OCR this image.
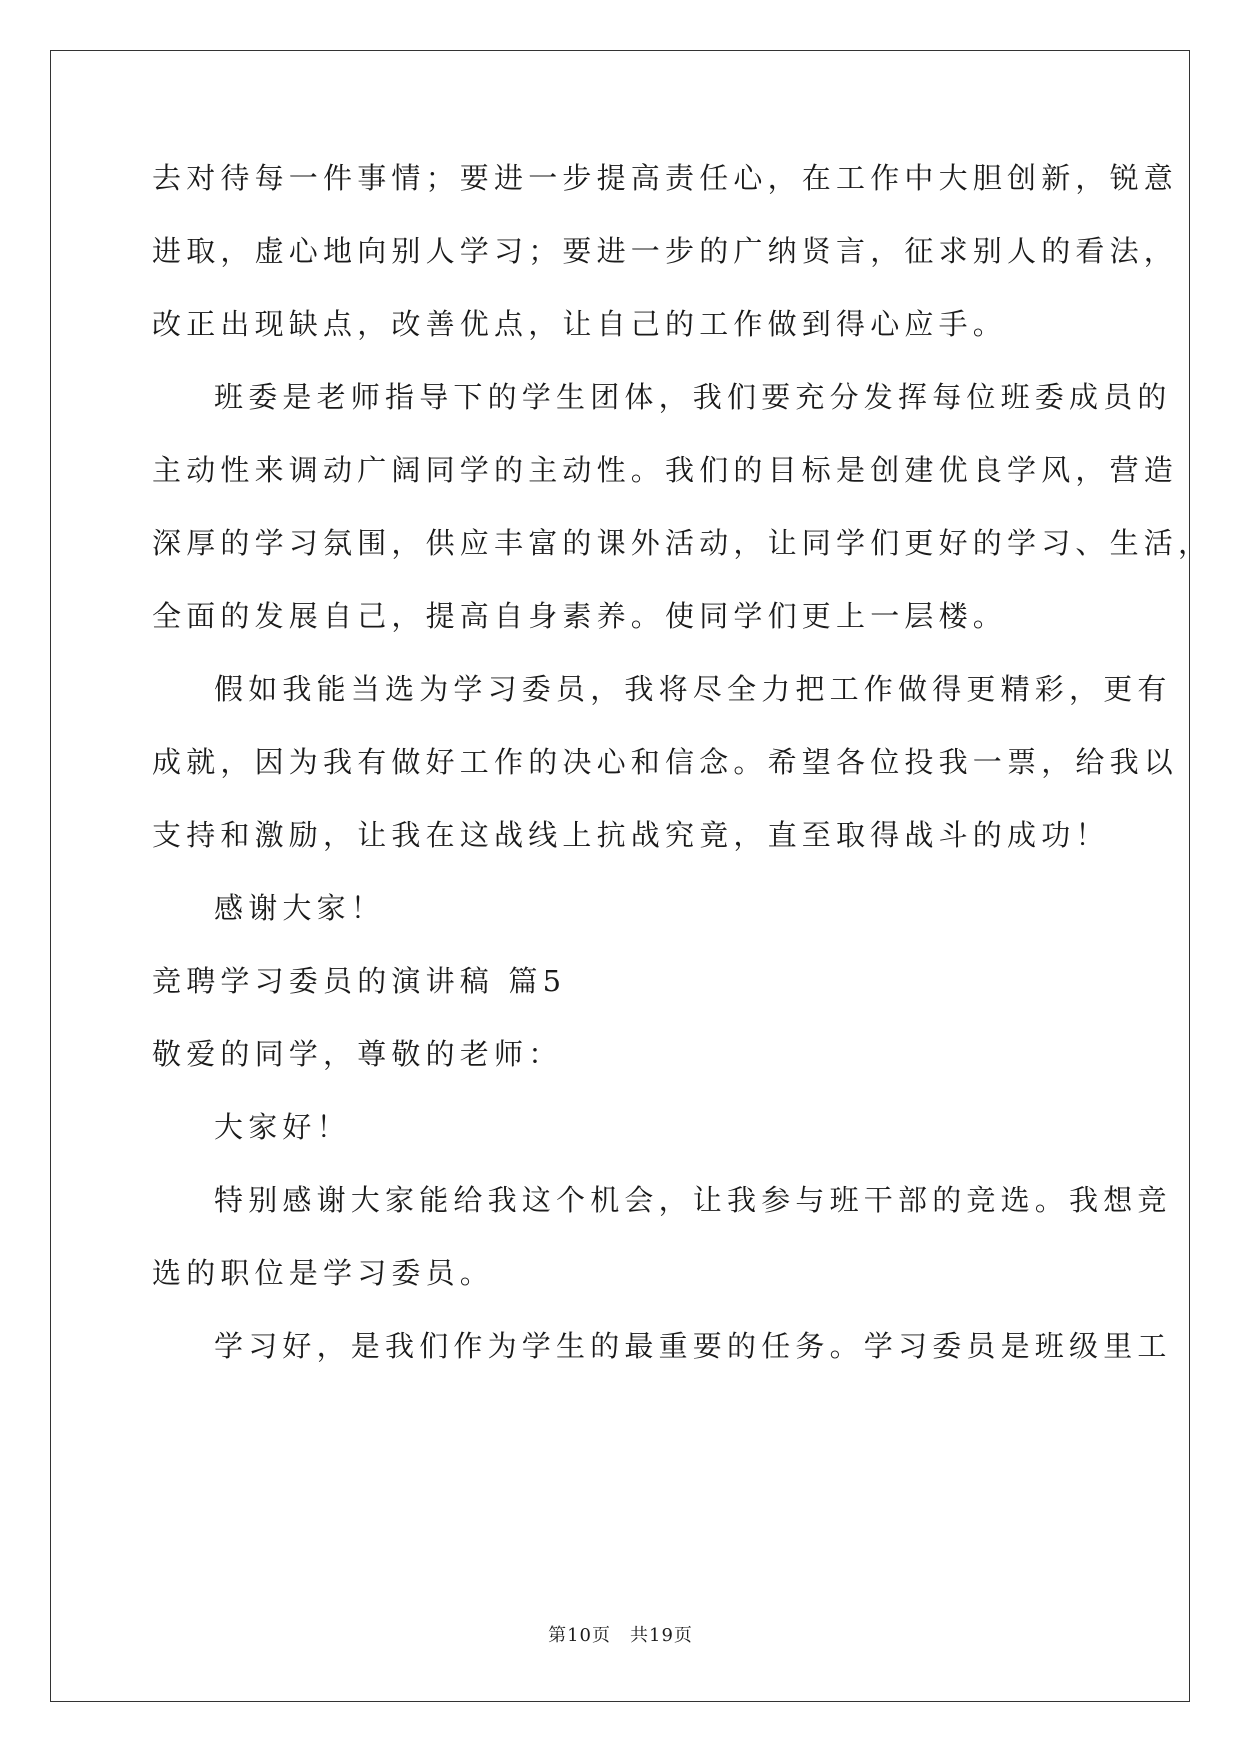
去对待每一件事情；要进一步提高责任心，在工作中大胆创新，锐意
进取，虚心地向别人学习；要进一步的广纳贤言，征求别人的看法，
改正出现缺点，改善优点，让自己的工作做到得心应手。
班委是老师指导下的学生团体，我们要充分发挥每位班委成员的
主动性来调动广阔同学的主动性。我们的目标是创建优良学风，营造
深厚的学习氛围，供应丰富的课外活动，让同学们更好的学习、生活，
全面的发展自己，提高自身素养。使同学们更上一层楼。
假如我能当选为学习委员，我将尽全力把工作做得更精彩，更有
成就，因为我有做好工作的决心和信念。希望各位投我一票，给我以
支持和激励，让我在这战线上抗战究竟，直至取得战斗的成功！
感谢大家！
竞聘学习委员的演讲稿 篇5
敬爱的同学，尊敬的老师：
大家好！
特别感谢大家能给我这个机会，让我参与班干部的竞选。我想竞
选的职位是学习委员。
学习好，是我们作为学生的最重要的任务。学习委员是班级里工
第10页　共19页
